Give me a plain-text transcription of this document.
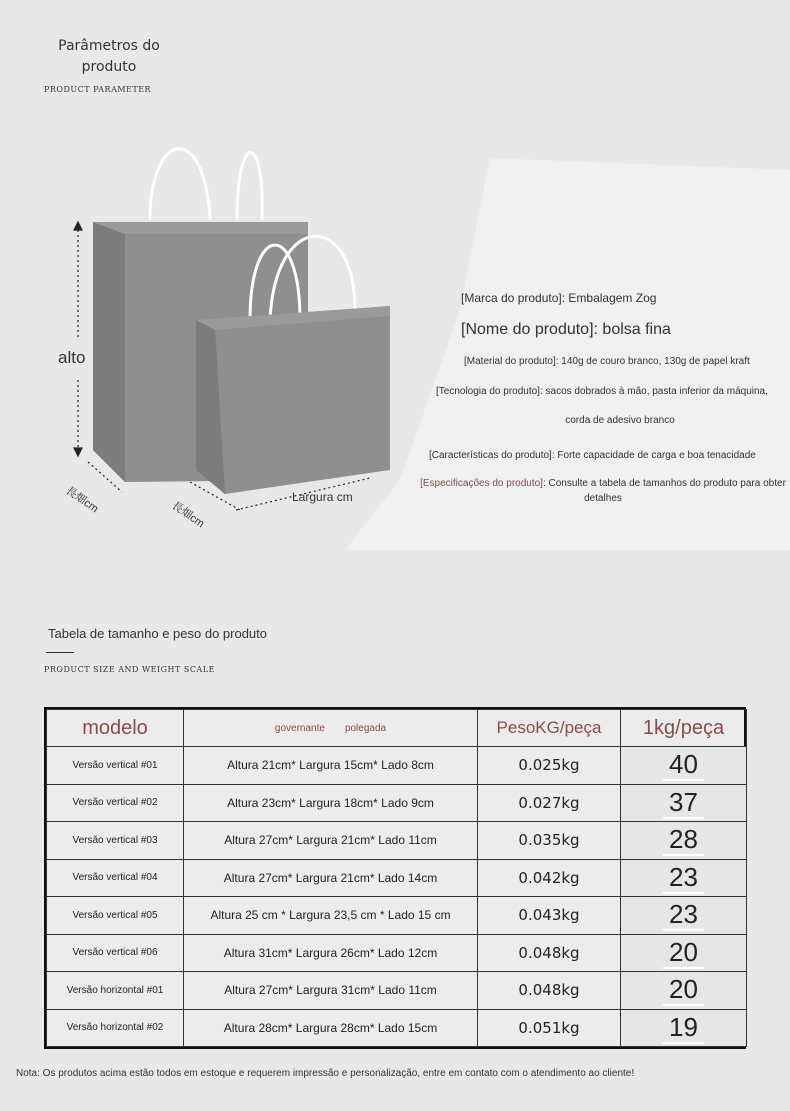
Parâmetros do produto
PRODUCT PARAMETER
alto
Largura cm
長畑cm	長畑cm
[Marca do produto]: Embalagem Zog
[Nome do produto]: bolsa fina
[Material do produto]: 140g de couro branco, 130g de papel kraft
[Tecnologia do produto]: sacos dobrados à mão, pasta inferior da máquina,
corda de adesivo branco
[Características do produto]: Forte capacidade de carga e boa tenacidade
[Especificações do produto]: Consulte a tabela de tamanhos do produto para obter detalhes
Tabela de tamanho e peso do produto
PRODUCT SIZE AND WEIGHT SCALE
modelo	governante polegada	PesoKG/peça	1kg/peça
Versão vertical #01	Altura 21cm* Largura 15cm* Lado 8cm	0.025kg	40
Versão vertical #02	Altura 23cm* Largura 18cm* Lado 9cm	0.027kg	37
Versão vertical #03	Altura 27cm* Largura 21cm* Lado 11cm	0.035kg	28
Versão vertical #04	Altura 27cm* Largura 21cm* Lado 14cm	0.042kg	23
Versão vertical #05	Altura 25 cm * Largura 23,5 cm * Lado 15 cm	0.043kg	23
Versão vertical #06	Altura 31cm* Largura 26cm* Lado 12cm	0.048kg	20
Versão horizontal #01	Altura 27cm* Largura 31cm* Lado 11cm	0.048kg	20
Versão horizontal #02	Altura 28cm* Largura 28cm* Lado 15cm	0.051kg	19
Nota: Os produtos acima estão todos em estoque e requerem impressão e personalização, entre em contato com o atendimento ao cliente!
